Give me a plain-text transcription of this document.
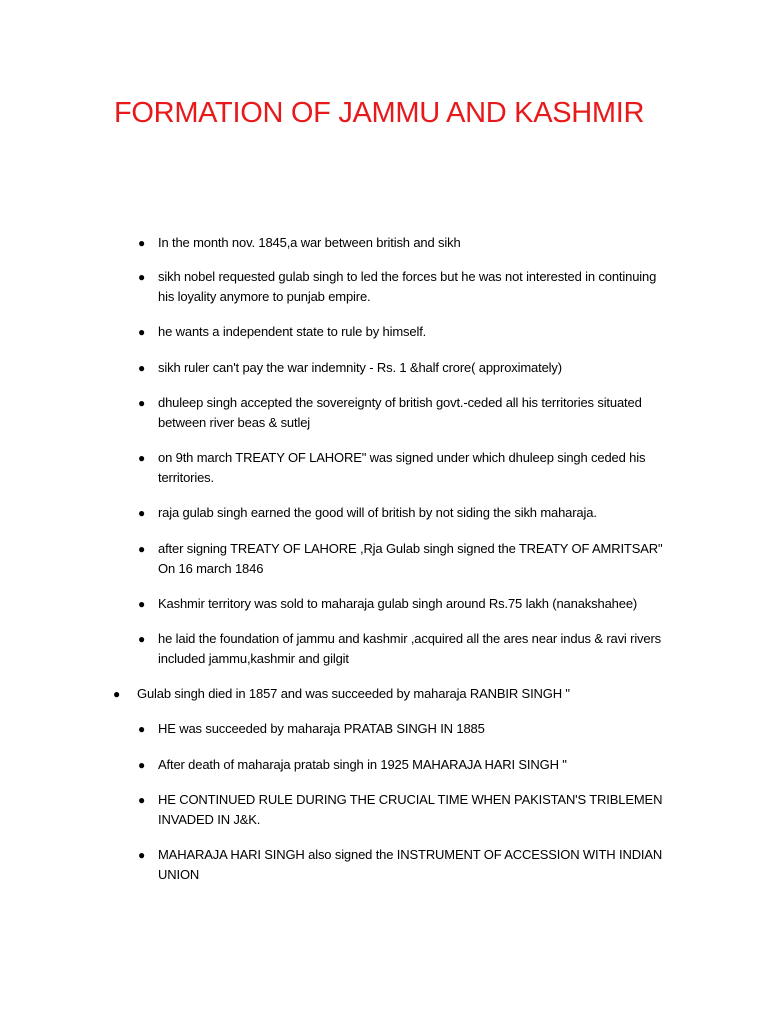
FORMATION OF JAMMU AND KASHMIR
● In the month nov. 1845,a war between british and sikh
● sikh nobel requested gulab singh to led the forces but he was not interested in continuing his loyality anymore to punjab empire.
● he wants a independent state to rule by himself.
● sikh ruler can't pay the war indemnity - Rs. 1 &half crore( approximately)
● dhuleep singh accepted the sovereignty of british govt.-ceded all his territories situated between river beas & sutlej
● on 9th march TREATY OF LAHORE" was signed under which dhuleep singh ceded his territories.
● raja gulab singh earned the good will of british by not siding the sikh maharaja.
● after signing TREATY OF LAHORE ,Rja Gulab singh signed the TREATY OF AMRITSAR" On 16 march 1846
● Kashmir territory was sold to maharaja gulab singh around Rs.75 lakh (nanakshahee)
● he laid the foundation of jammu and kashmir ,acquired all the ares near indus & ravi rivers included jammu,kashmir and gilgit
● Gulab singh died in 1857 and was succeeded by maharaja RANBIR SINGH "
● HE was succeeded by maharaja PRATAB SINGH IN 1885
● After death of maharaja pratab singh in 1925 MAHARAJA HARI SINGH "
● HE CONTINUED RULE DURING THE CRUCIAL TIME WHEN PAKISTAN'S TRIBLEMEN INVADED IN J&K.
● MAHARAJA HARI SINGH also signed the INSTRUMENT OF ACCESSION WITH INDIAN UNION
